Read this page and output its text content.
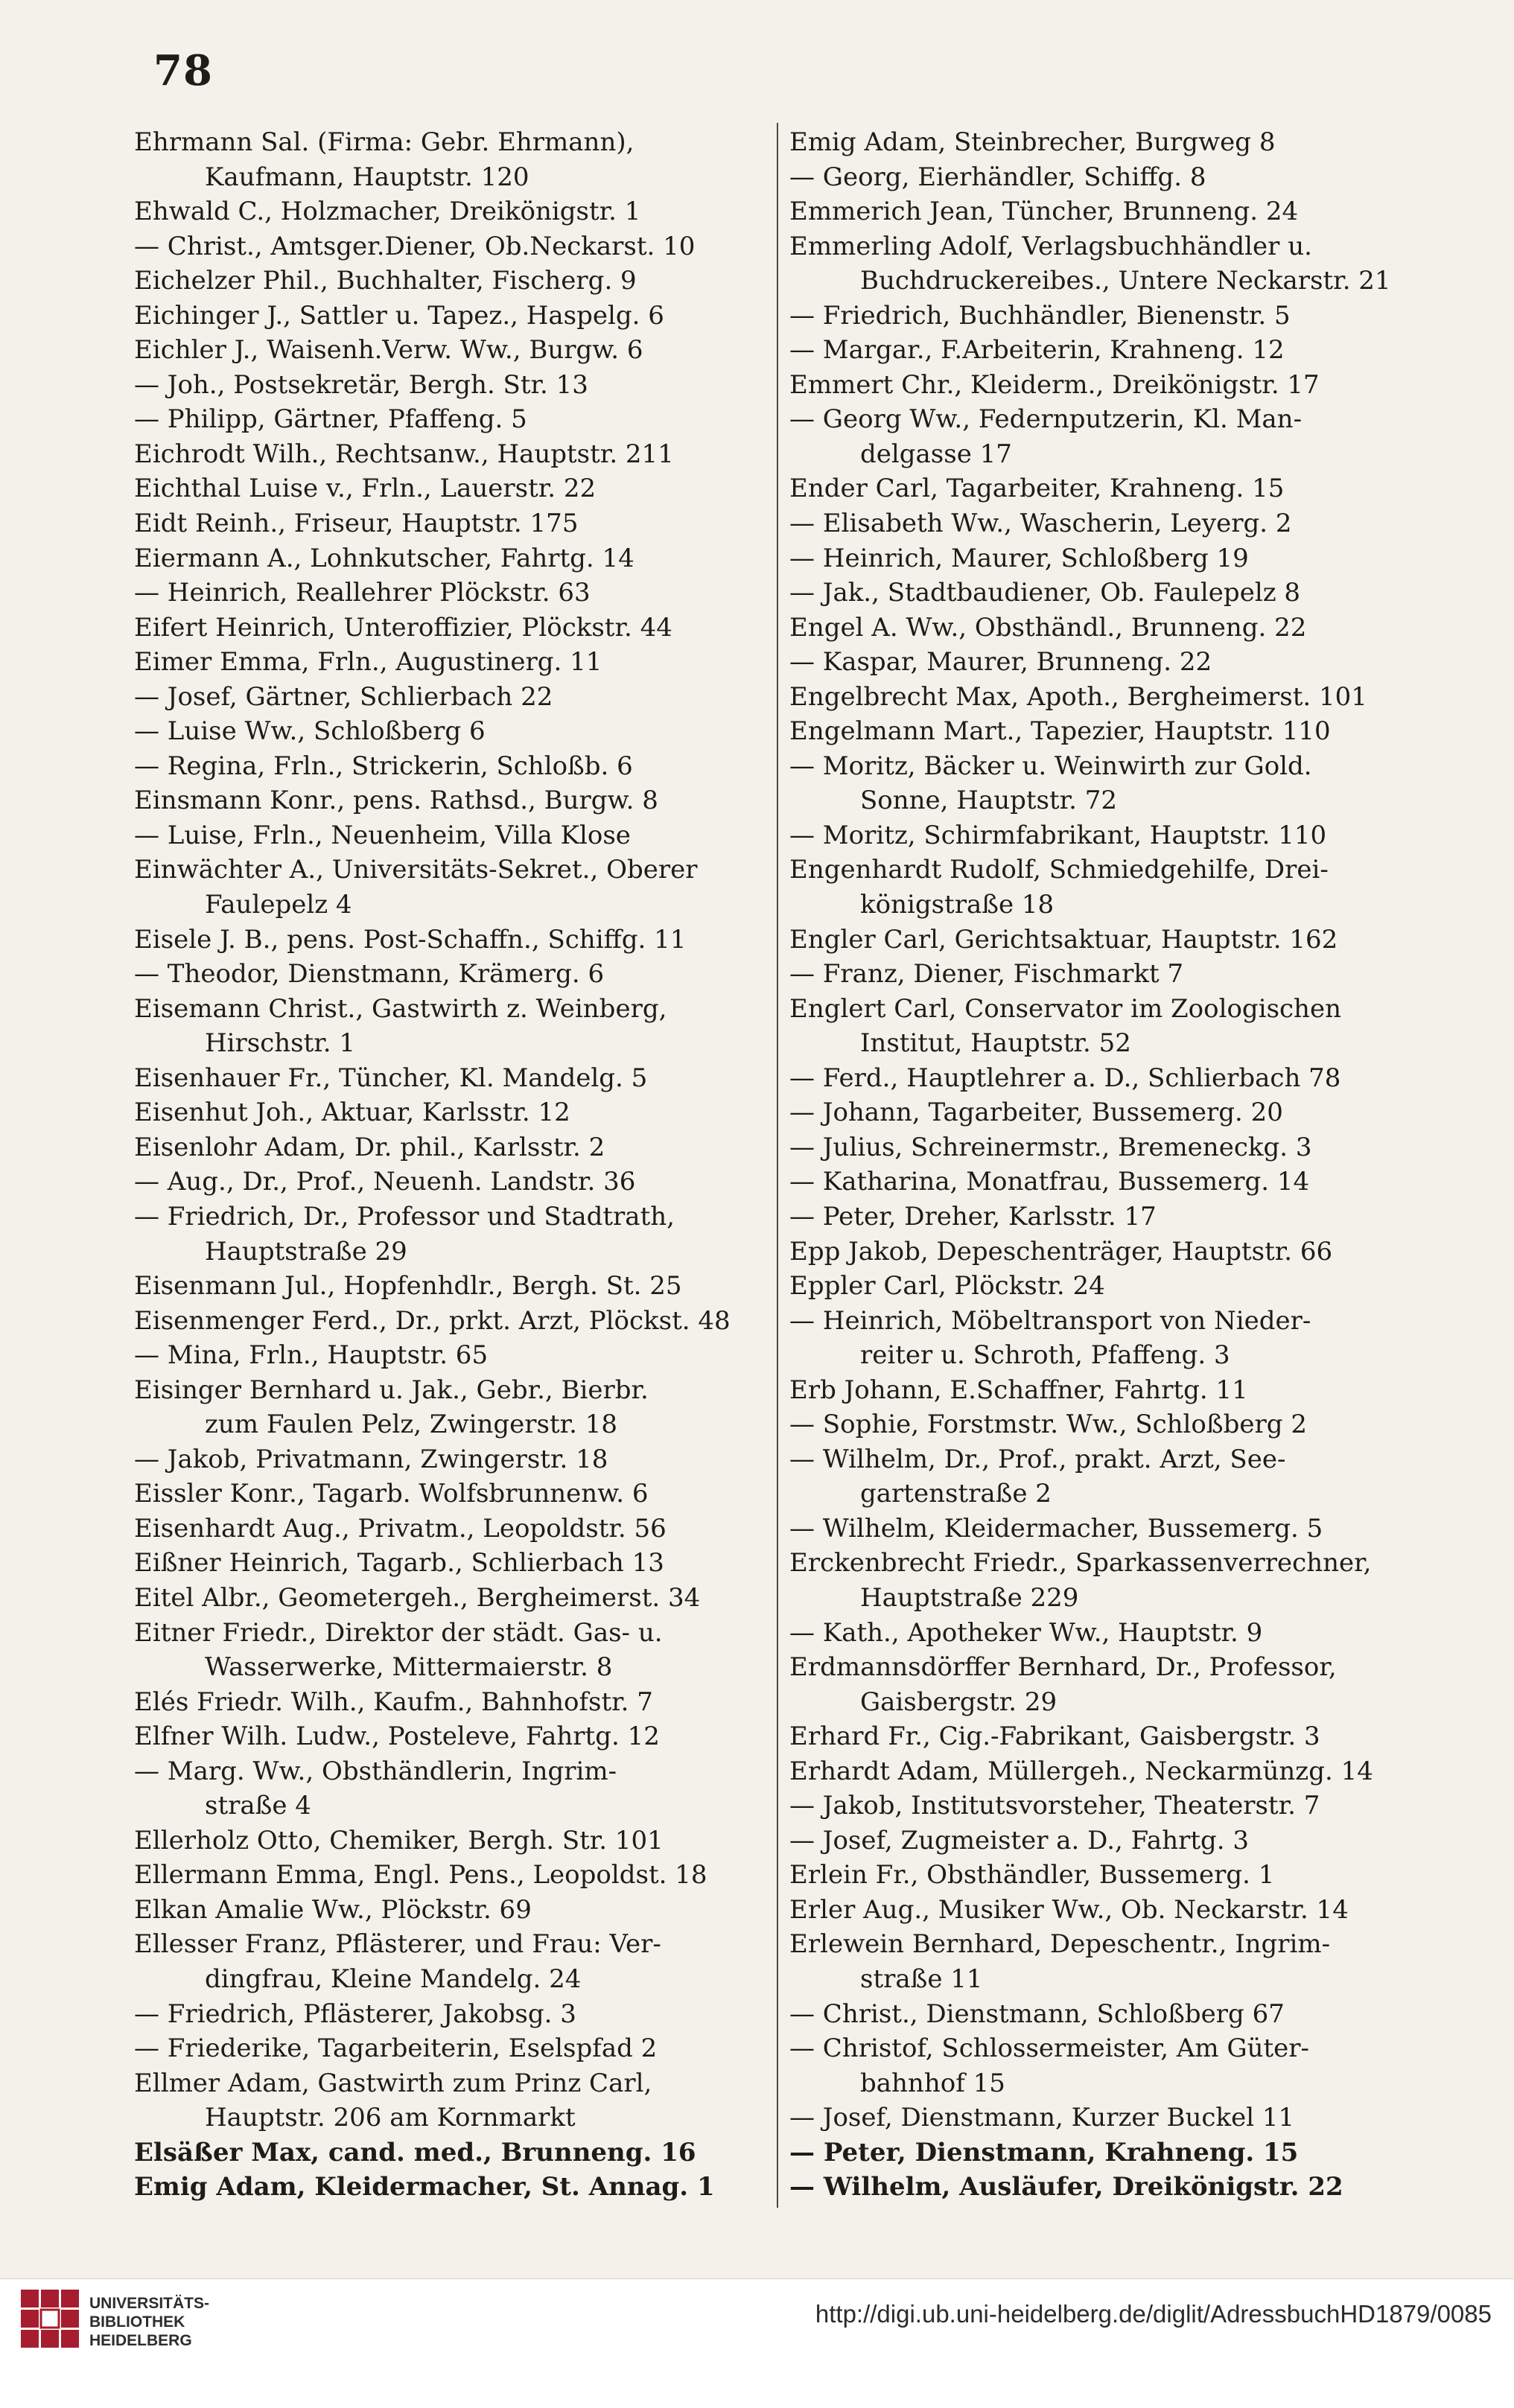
78
Ehrmann Sal. (Firma: Gebr. Ehrmann),
Kaufmann, Hauptstr. 120
Ehwald C., Holzmacher, Dreikönigstr. 1
— Christ., Amtsger.Diener, Ob.Neckarst. 10
Eichelzer Phil., Buchhalter, Fischerg. 9
Eichinger J., Sattler u. Tapez., Haspelg. 6
Eichler J., Waisenh.Verw. Ww., Burgw. 6
— Joh., Postsekretär, Bergh. Str. 13
— Philipp, Gärtner, Pfaffeng. 5
Eichrodt Wilh., Rechtsanw., Hauptstr. 211
Eichthal Luise v., Frln., Lauerstr. 22
Eidt Reinh., Friseur, Hauptstr. 175
Eiermann A., Lohnkutscher, Fahrtg. 14
— Heinrich, Reallehrer Plöckstr. 63
Eifert Heinrich, Unteroffizier, Plöckstr. 44
Eimer Emma, Frln., Augustinerg. 11
— Josef, Gärtner, Schlierbach 22
— Luise Ww., Schloßberg 6
— Regina, Frln., Strickerin, Schloßb. 6
Einsmann Konr., pens. Rathsd., Burgw. 8
— Luise, Frln., Neuenheim, Villa Klose
Einwächter A., Universitäts-Sekret., Oberer
Faulepelz 4
Eisele J. B., pens. Post-Schaffn., Schiffg. 11
— Theodor, Dienstmann, Krämerg. 6
Eisemann Christ., Gastwirth z. Weinberg,
Hirschstr. 1
Eisenhauer Fr., Tüncher, Kl. Mandelg. 5
Eisenhut Joh., Aktuar, Karlsstr. 12
Eisenlohr Adam, Dr. phil., Karlsstr. 2
— Aug., Dr., Prof., Neuenh. Landstr. 36
— Friedrich, Dr., Professor und Stadtrath,
Hauptstraße 29
Eisenmann Jul., Hopfenhdlr., Bergh. St. 25
Eisenmenger Ferd., Dr., prkt. Arzt, Plöckst. 48
— Mina, Frln., Hauptstr. 65
Eisinger Bernhard u. Jak., Gebr., Bierbr.
zum Faulen Pelz, Zwingerstr. 18
— Jakob, Privatmann, Zwingerstr. 18
Eissler Konr., Tagarb. Wolfsbrunnenw. 6
Eisenhardt Aug., Privatm., Leopoldstr. 56
Eißner Heinrich, Tagarb., Schlierbach 13
Eitel Albr., Geometergeh., Bergheimerst. 34
Eitner Friedr., Direktor der städt. Gas- u.
Wasserwerke, Mittermaierstr. 8
Elés Friedr. Wilh., Kaufm., Bahnhofstr. 7
Elfner Wilh. Ludw., Posteleve, Fahrtg. 12
— Marg. Ww., Obsthändlerin, Ingrim-
straße 4
Ellerholz Otto, Chemiker, Bergh. Str. 101
Ellermann Emma, Engl. Pens., Leopoldst. 18
Elkan Amalie Ww., Plöckstr. 69
Ellesser Franz, Pflästerer, und Frau: Ver-
dingfrau, Kleine Mandelg. 24
— Friedrich, Pflästerer, Jakobsg. 3
— Friederike, Tagarbeiterin, Eselspfad 2
Ellmer Adam, Gastwirth zum Prinz Carl,
Hauptstr. 206 am Kornmarkt
Elsäßer Max, cand. med., Brunneng. 16
Emig Adam, Kleidermacher, St. Annag. 1
Emig Adam, Steinbrecher, Burgweg 8
— Georg, Eierhändler, Schiffg. 8
Emmerich Jean, Tüncher, Brunneng. 24
Emmerling Adolf, Verlagsbuchhändler u.
Buchdruckereibes., Untere Neckarstr. 21
— Friedrich, Buchhändler, Bienenstr. 5
— Margar., F.Arbeiterin, Krahneng. 12
Emmert Chr., Kleiderm., Dreikönigstr. 17
— Georg Ww., Federnputzerin, Kl. Man-
delgasse 17
Ender Carl, Tagarbeiter, Krahneng. 15
— Elisabeth Ww., Wascherin, Leyerg. 2
— Heinrich, Maurer, Schloßberg 19
— Jak., Stadtbaudiener, Ob. Faulepelz 8
Engel A. Ww., Obsthändl., Brunneng. 22
— Kaspar, Maurer, Brunneng. 22
Engelbrecht Max, Apoth., Bergheimerst. 101
Engelmann Mart., Tapezier, Hauptstr. 110
— Moritz, Bäcker u. Weinwirth zur Gold.
Sonne, Hauptstr. 72
— Moritz, Schirmfabrikant, Hauptstr. 110
Engenhardt Rudolf, Schmiedgehilfe, Drei-
königstraße 18
Engler Carl, Gerichtsaktuar, Hauptstr. 162
— Franz, Diener, Fischmarkt 7
Englert Carl, Conservator im Zoologischen
Institut, Hauptstr. 52
— Ferd., Hauptlehrer a. D., Schlierbach 78
— Johann, Tagarbeiter, Bussemerg. 20
— Julius, Schreinermstr., Bremeneckg. 3
— Katharina, Monatfrau, Bussemerg. 14
— Peter, Dreher, Karlsstr. 17
Epp Jakob, Depeschenträger, Hauptstr. 66
Eppler Carl, Plöckstr. 24
— Heinrich, Möbeltransport von Nieder-
reiter u. Schroth, Pfaffeng. 3
Erb Johann, E.Schaffner, Fahrtg. 11
— Sophie, Forstmstr. Ww., Schloßberg 2
— Wilhelm, Dr., Prof., prakt. Arzt, See-
gartenstraße 2
— Wilhelm, Kleidermacher, Bussemerg. 5
Erckenbrecht Friedr., Sparkassenverrechner,
Hauptstraße 229
— Kath., Apotheker Ww., Hauptstr. 9
Erdmannsdörffer Bernhard, Dr., Professor,
Gaisbergstr. 29
Erhard Fr., Cig.-Fabrikant, Gaisbergstr. 3
Erhardt Adam, Müllergeh., Neckarmünzg. 14
— Jakob, Institutsvorsteher, Theaterstr. 7
— Josef, Zugmeister a. D., Fahrtg. 3
Erlein Fr., Obsthändler, Bussemerg. 1
Erler Aug., Musiker Ww., Ob. Neckarstr. 14
Erlewein Bernhard, Depeschentr., Ingrim-
straße 11
— Christ., Dienstmann, Schloßberg 67
— Christof, Schlossermeister, Am Güter-
bahnhof 15
— Josef, Dienstmann, Kurzer Buckel 11
— Peter, Dienstmann, Krahneng. 15
— Wilhelm, Ausläufer, Dreikönigstr. 22
UNIVERSITÄTS-
BIBLIOTHEK
HEIDELBERG
http://digi.ub.uni-heidelberg.de/diglit/AdressbuchHD1879/0085
